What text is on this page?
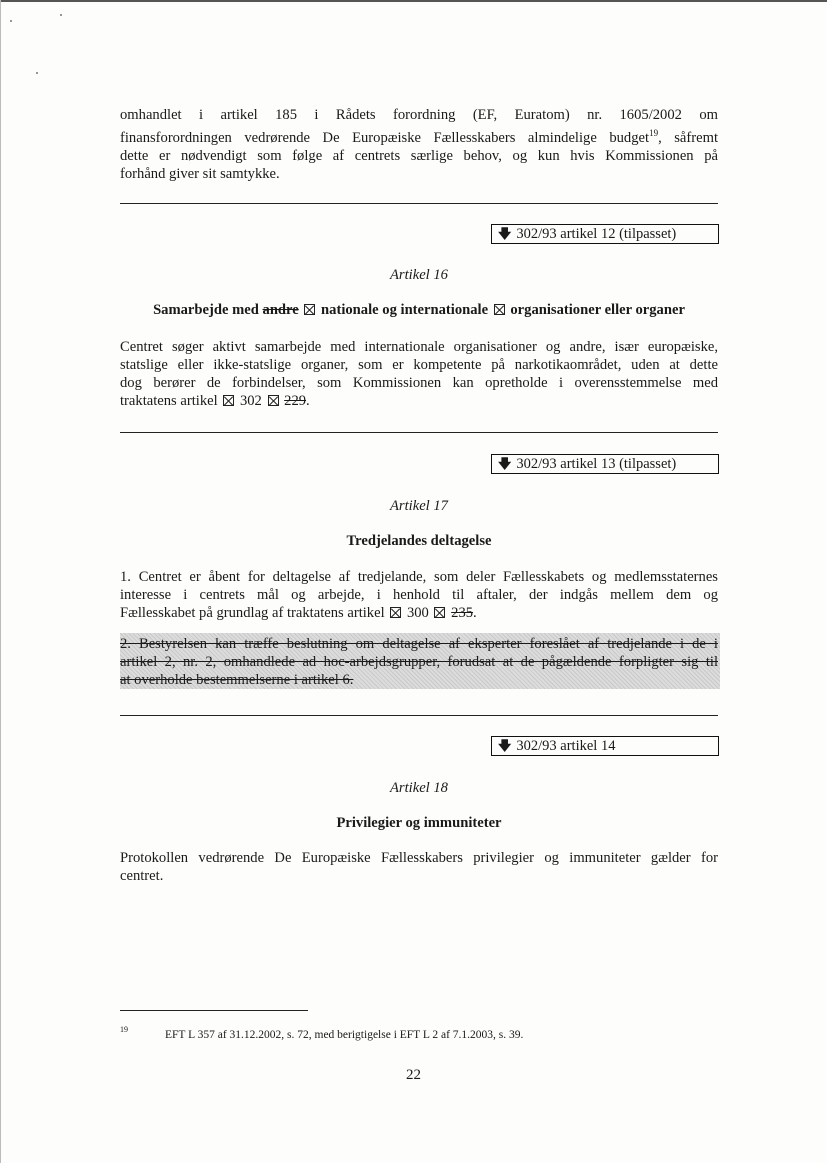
omhandlet i artikel 185 i Rådets forordning (EF, Euratom) nr. 1605/2002 om
finansforordningen vedrørende De Europæiske Fællesskabers almindelige budget$^{19}$, såfremt
dette er nødvendigt som følge af centrets særlige behov, og kun hvis Kommissionen på
forhånd giver sit samtykke.

🡇 302/93 artikel 12 (tilpasset)
Artikel 16
Samarbejde med andre  nationale og internationale  organisationer eller organer

Centret søger aktivt samarbejde med internationale organisationer og andre, især europæiske,
statslige eller ikke-statslige organer, som er kompetente på narkotikaområdet, uden at dette
dog berører de forbindelser, som Kommissionen kan opretholde i overensstemmelse med
traktatens artikel  302  229.

🡇 302/93 artikel 13 (tilpasset)
Artikel 17
Tredjelandes deltagelse

1. Centret er åbent for deltagelse af tredjelande, som deler Fællesskabets og medlemsstaternes
interesse i centrets mål og arbejde, i henhold til aftaler, der indgås mellem dem og
Fællesskabet på grundlag af traktatens artikel  300  235.

2. Bestyrelsen kan træffe beslutning om deltagelse af eksperter foreslået af tredjelande i de i
artikel 2, nr. 2, omhandlede ad hoc-arbejdsgrupper, forudsat at de pågældende forpligter sig til
at overholde bestemmelserne i artikel 6.

🡇 302/93 artikel 14
Artikel 18
Privilegier og immuniteter

Protokollen vedrørende De Europæiske Fællesskabers privilegier og immuniteter gælder for
centret.

19	EFT L 357 af 31.12.2002, s. 72, med berigtigelse i EFT L 2 af 7.1.2003, s. 39.
22
